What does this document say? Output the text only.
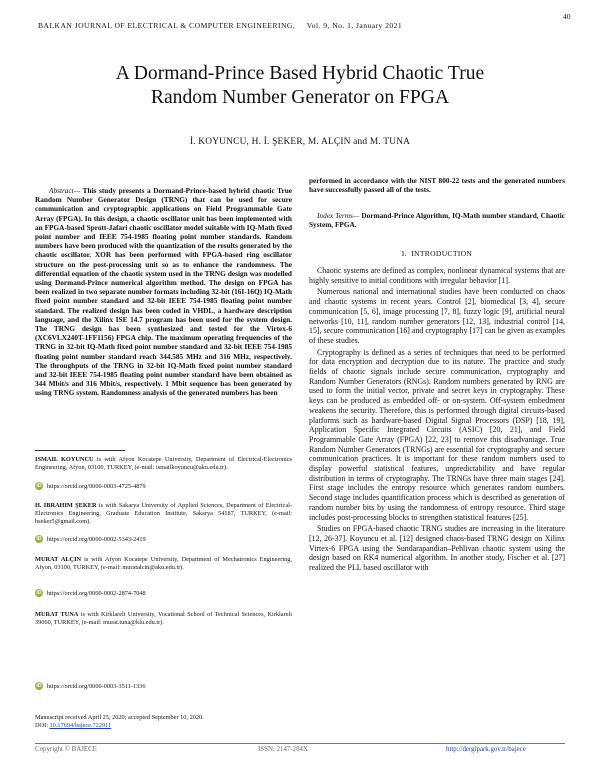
BALKAN JOURNAL OF ELECTRICAL & COMPUTER ENGINEERING,     Vol. 9, No. 1, January 2021
40
A Dormand-Prince Based Hybrid Chaotic True
Random Number Generator on FPGA
İ. KOYUNCU, H. İ. ŞEKER, M. ALÇIN and M. TUNA
Abstract— This study presents a Dormand-Prince-based hybrid chaotic True Random Number Generator Design (TRNG) that can be used for secure communication and cryptographic applications on Field Programmable Gate Array (FPGA). In this design, a chaotic oscillator unit has been implemented with an FPGA-based Sprott-Jafari chaotic oscillator model suitable with IQ-Math fixed point number and IEEE 754-1985 floating point number standards. Random numbers have been produced with the quantization of the results generated by the chaotic oscillator. XOR has been performed with FPGA-based ring oscillator structure on the post-processing unit so as to enhance the randomness. The differential equation of the chaotic system used in the TRNG design was modelled using Dormand-Prince numerical algorithm method. The design on FPGA has been realized in two separate number formats including 32-bit (16I-16Q) IQ-Math fixed point number standard and 32-bit IEEE 754-1985 floating point number standard. The realized design has been coded in VHDL, a hardware description language, and the Xilinx ISE 14.7 program has been used for the system design. The TRNG design has been synthesized and tested for the Virtex-6 (XC6VLX240T-1FF1156) FPGA chip. The maximum operating frequencies of the TRNG in 32-bit IQ-Math fixed point number standard and 32-bit IEEE 754-1985 floating point number standard reach 344.585 MHz and 316 MHz, respectively. The throughputs of the TRNG in 32-bit IQ-Math fixed point number standard and 32-bit IEEE 754-1985 floating point number standard have been obtained as 344 Mbit/s and 316 Mbit/s, respectively. 1 Mbit sequence has been generated by using TRNG system. Randomness analysis of the generated numbers has been
performed in accordance with the NIST 800-22 tests and the generated numbers have successfully passed all of the tests.
Index Terms— Dormand-Prince Algorithm, IQ-Math number standard, Chaotic System, FPGA.
I.  INTRODUCTION

Chaotic systems are defined as complex, nonlinear dynamical systems that are highly sensitive to initial conditions with irregular behavior [1].

Numerous national and international studies have been conducted on chaos and chaotic systems in recent years. Control [2], biomedical [3, 4], secure communication [5, 6], image processing [7, 8], fuzzy logic [9], artificial neural networks [10, 11], random number generators [12, 13], industrial control [14, 15], secure communication [16] and cryptography [17] can be given as examples of these studies.

Cryptography is defined as a series of techniques that need to be performed for data encryption and decryption due to its nature. The practice and study fields of chaotic signals include secure communication, cryptography and Random Number Generators (RNGs). Random numbers generated by RNG are used to form the initial vector, private and secret keys in cryptography. These keys can be produced as embedded off- or on-system. Off-system embedment weakens the security. Therefore, this is performed through digital circuits-based platforms such as hardware-based Digital Signal Processors (DSP) [18, 19], Application Specific Integrated Circuits (ASIC) [20, 21], and Field Programmable Gate Array (FPGA) [22, 23] to remove this disadvantage. True Random Number Generators (TRNGs) are essential for cryptography and secure communication practices. It is important for these random numbers used to display powerful statistical features, unpredictability and have regular distribution in terms of cryptography. The TRNGs have three main stages [24]. First stage includes the entropy resource which generates random numbers. Second stage includes quantification process which is described as generation of random number bits by using the randomness of entropy resource. Third stage includes post-processing blocks to strengthen statistical features [25].

Studies on FPGA-based chaotic TRNG studies are increasing in the literature [12, 26-37]. Koyuncu et al. [12] designed chaos-based TRNG design on Xilinx Virtex-6 FPGA using the Sundarapandian–Pehlivan chaotic system using the design based on RK4 numerical algorithm. In another study, Fischer et al. [27] realized the PLL based oscillator with

ISMAIL KOYUNCU is with Afyon Kocatepe University, Department of Electrical-Electronics Engineering, Afyon, 03100, TURKEY, (e-mail: ismailkoyuncu@aku.edu.tr).
iD https://orcid.org/0000-0003-4725-4879
H. IBRAHIM ŞEKER is with Sakarya University of Applied Sciences, Department of Electrical-Electronics Engineering, Graduate Education Institute, Sakarya 54187, TURKEY, (e-mail: hseker5@gmail.com).
iD https://orcid.org/0000-0002-5343-2419
MURAT ALÇIN is with Afyon Kocatepe University, Department of Mechatronics Engineering, Afyon, 03100, TURKEY, (e-mail: muratalcin@aku.edu.tr).
iD https://orcid.org/0000-0002-2874-7048
MURAT TUNA is with Kirklareli University, Vocational School of Technical Sciences, Kirklareli 39060, TURKEY, (e-mail: murat.tuna@klu.edu.tr).
iD https://orcid.org/0000-0003-3511-1336
Manuscript received April 25, 2020; accepted September 10, 2020.
DOI: 10.17694/bajece.722911
Copyright © BAJECE	ISSN: 2147-284X	http://dergipark.gov.tr/bajece
